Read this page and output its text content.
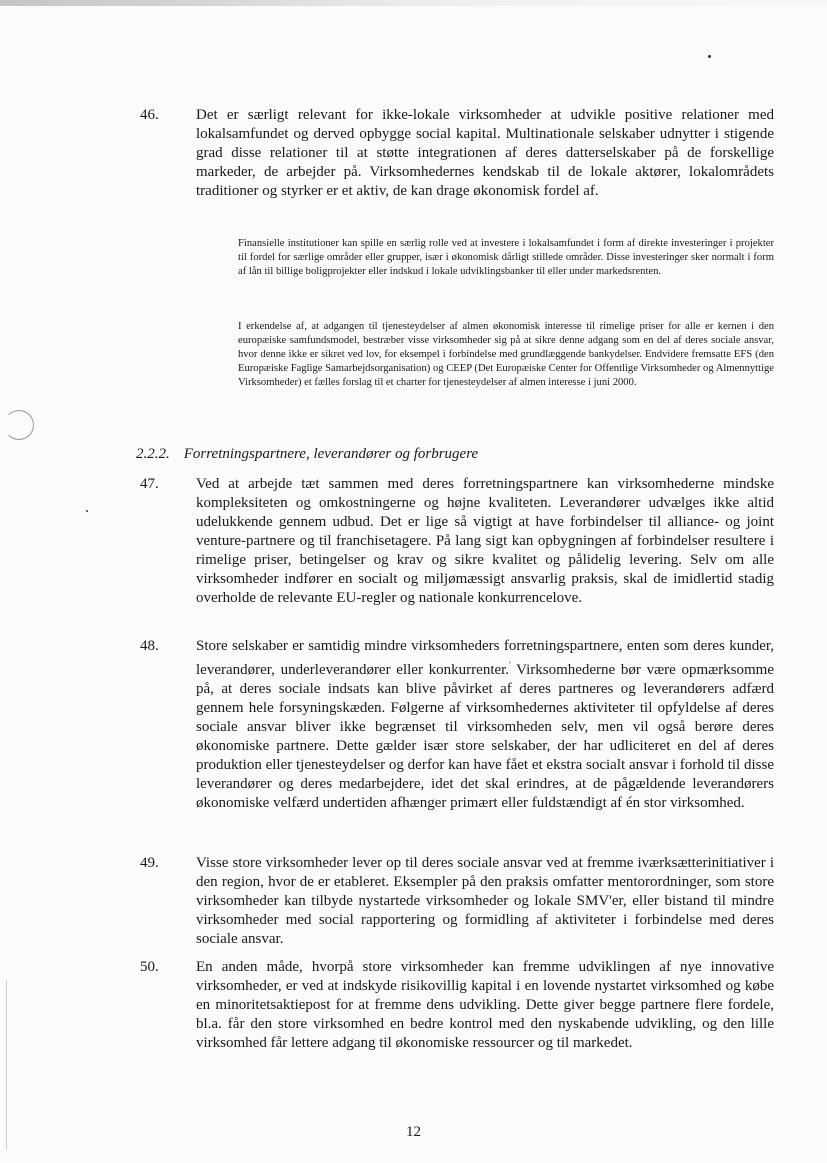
46. Det er særligt relevant for ikke-lokale virksomheder at udvikle positive relationer med lokalsamfundet og derved opbygge social kapital. Multinationale selskaber udnytter i stigende grad disse relationer til at støtte integrationen af deres datterselskaber på de forskellige markeder, de arbejder på. Virksomhedernes kendskab til de lokale aktører, lokalområdets traditioner og styrker er et aktiv, de kan drage økonomisk fordel af.
Finansielle institutioner kan spille en særlig rolle ved at investere i lokalsamfundet i form af direkte investeringer i projekter til fordel for særlige områder eller grupper, især i økonomisk dårligt stillede områder. Disse investeringer sker normalt i form af lån til billige boligprojekter eller indskud i lokale udviklingsbanker til eller under markedsrenten.
I erkendelse af, at adgangen til tjenesteydelser af almen økonomisk interesse til rimelige priser for alle er kernen i den europæiske samfundsmodel, bestræber visse virksomheder sig på at sikre denne adgang som en del af deres sociale ansvar, hvor denne ikke er sikret ved lov, for eksempel i forbindelse med grundlæggende bankydelser. Endvidere fremsatte EFS (den Europæiske Faglige Samarbejdsorganisation) og CEEP (Det Europæiske Center for Offentlige Virksomheder og Almennyttige Virksomheder) et fælles forslag til et charter for tjenesteydelser af almen interesse i juni 2000.
2.2.2. Forretningspartnere, leverandører og forbrugere
47. Ved at arbejde tæt sammen med deres forretningspartnere kan virksomhederne mindske kompleksiteten og omkostningerne og højne kvaliteten. Leverandører udvælges ikke altid udelukkende gennem udbud. Det er lige så vigtigt at have forbindelser til alliance- og joint venture-partnere og til franchisetagere. På lang sigt kan opbygningen af forbindelser resultere i rimelige priser, betingelser og krav og sikre kvalitet og pålidelig levering. Selv om alle virksomheder indfører en socialt og miljømæssigt ansvarlig praksis, skal de imidlertid stadig overholde de relevante EU-regler og nationale konkurrencelove.
48. Store selskaber er samtidig mindre virksomheders forretningspartnere, enten som deres kunder, leverandører, underleverandører eller konkurrenter.' Virksomhederne bør være opmærksomme på, at deres sociale indsats kan blive påvirket af deres partneres og leverandørers adfærd gennem hele forsyningskæden. Følgerne af virksomhedernes aktiviteter til opfyldelse af deres sociale ansvar bliver ikke begrænset til virksomheden selv, men vil også berøre deres økonomiske partnere. Dette gælder især store selskaber, der har udliciteret en del af deres produktion eller tjenesteydelser og derfor kan have fået et ekstra socialt ansvar i forhold til disse leverandører og deres medarbejdere, idet det skal erindres, at de pågældende leverandørers økonomiske velfærd undertiden afhænger primært eller fuldstændigt af én stor virksomhed.
49. Visse store virksomheder lever op til deres sociale ansvar ved at fremme iværksætterinitiativer i den region, hvor de er etableret. Eksempler på den praksis omfatter mentorordninger, som store virksomheder kan tilbyde nystartede virksomheder og lokale SMV'er, eller bistand til mindre virksomheder med social rapportering og formidling af aktiviteter i forbindelse med deres sociale ansvar.
50. En anden måde, hvorpå store virksomheder kan fremme udviklingen af nye innovative virksomheder, er ved at indskyde risikovillig kapital i en lovende nystartet virksomhed og købe en minoritetsaktiepost for at fremme dens udvikling. Dette giver begge partnere flere fordele, bl.a. får den store virksomhed en bedre kontrol med den nyskabende udvikling, og den lille virksomhed får lettere adgang til økonomiske ressourcer og til markedet.
12
